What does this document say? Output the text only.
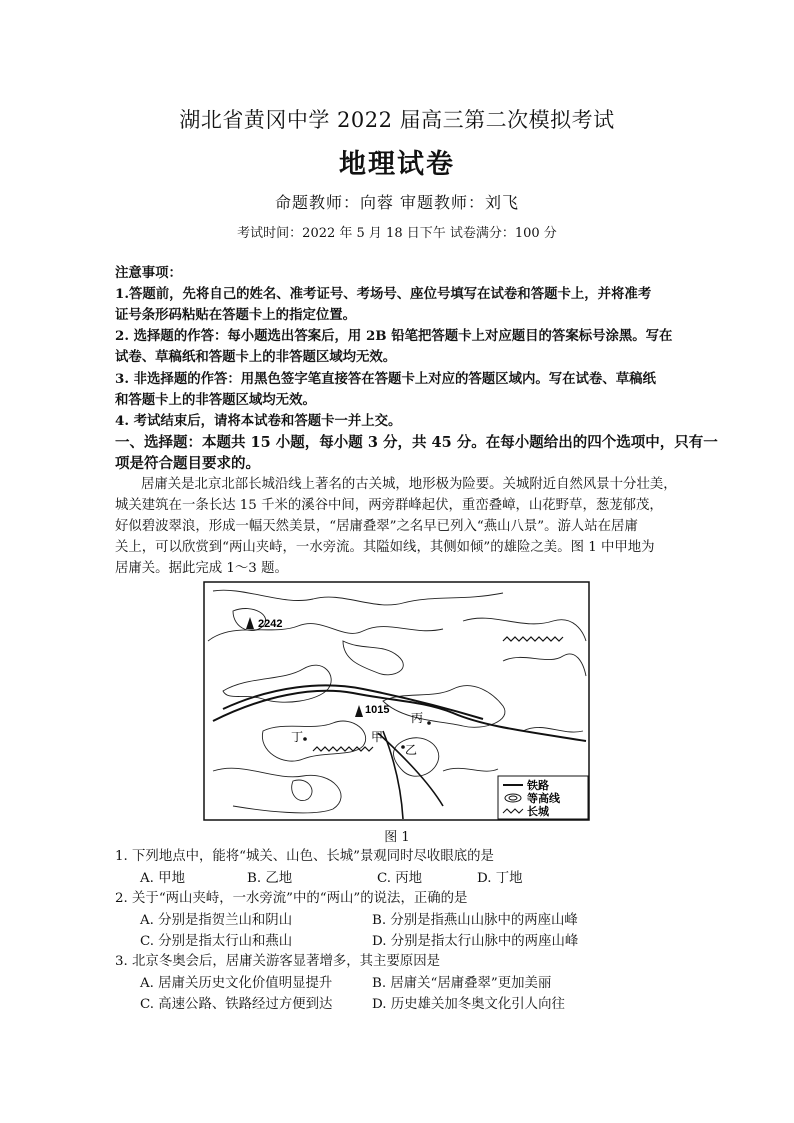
湖北省黄冈中学 2022 届高三第二次模拟考试
地理试卷
命题教师：向蓉 审题教师：刘飞
考试时间：2022 年 5 月 18 日下午 试卷满分：100 分
注意事项：
1.答题前，先将自己的姓名、准考证号、考场号、座位号填写在试卷和答题卡上，并将准考
证号条形码粘贴在答题卡上的指定位置。
2. 选择题的作答：每小题选出答案后，用 2B 铅笔把答题卡上对应题目的答案标号涂黑。写在
试卷、草稿纸和答题卡上的非答题区域均无效。
3. 非选择题的作答：用黑色签字笔直接答在答题卡上对应的答题区域内。写在试卷、草稿纸
和答题卡上的非答题区域均无效。
4. 考试结束后，请将本试卷和答题卡一并上交。
一、选择题：本题共 15 小题，每小题 3 分，共 45 分。在每小题给出的四个选项中，只有一
项是符合题目要求的。
居庸关是北京北部长城沿线上著名的古关城，地形极为险要。关城附近自然风景十分壮美，
城关建筑在一条长达 15 千米的溪谷中间，两旁群峰起伏，重峦叠嶂，山花野草，葱茏郁茂，
好似碧波翠浪，形成一幅天然美景，“居庸叠翠”之名早已列入“燕山八景”。游人站在居庸
关上，可以欣赏到“两山夹峙，一水旁流。其隘如线，其侧如倾”的雄险之美。图 1 中甲地为
居庸关。据此完成 1～3 题。
2242
1015
甲
乙
丙
丁
铁路
等高线
长城
图 1
1. 下列地点中，能将“城关、山色、长城”景观同时尽收眼底的是
A. 甲地	B. 乙地	C. 丙地	D. 丁地
2. 关于“两山夹峙，一水旁流”中的“两山”的说法，正确的是
A. 分别是指贺兰山和阴山	B. 分别是指燕山山脉中的两座山峰
C. 分别是指太行山和燕山	D. 分别是指太行山脉中的两座山峰
3. 北京冬奥会后，居庸关游客显著增多，其主要原因是
A. 居庸关历史文化价值明显提升	B. 居庸关“居庸叠翠”更加美丽
C. 高速公路、铁路经过方便到达	D. 历史雄关加冬奥文化引人向往
